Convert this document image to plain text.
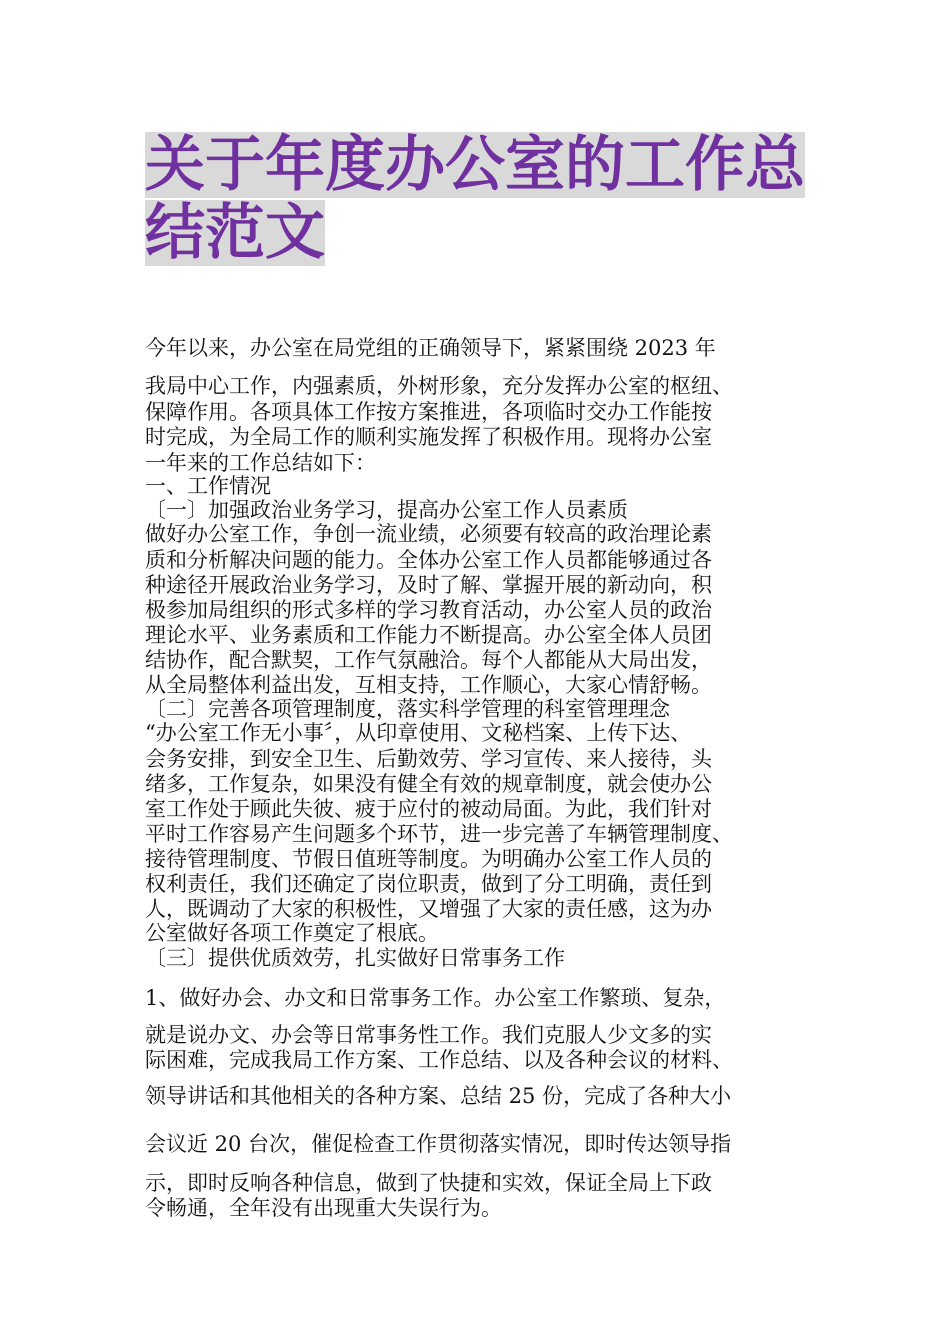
关于年度办公室的工作总
结范文
今年以来，办公室在局党组的正确领导下，紧紧围绕 2023 年
我局中心工作，内强素质，外树形象，充分发挥办公室的枢纽、
保障作用。各项具体工作按方案推进，各项临时交办工作能按
时完成，为全局工作的顺利实施发挥了积极作用。现将办公室
一年来的工作总结如下：
一、工作情况
〔一〕加强政治业务学习，提高办公室工作人员素质
做好办公室工作，争创一流业绩，必须要有较高的政治理论素
质和分析解决问题的能力。全体办公室工作人员都能够通过各
种途径开展政治业务学习，及时了解、掌握开展的新动向，积
极参加局组织的形式多样的学习教育活动，办公室人员的政治
理论水平、业务素质和工作能力不断提高。办公室全体人员团
结协作，配合默契，工作气氛融洽。每个人都能从大局出发，
从全局整体利益出发，互相支持，工作顺心，大家心情舒畅。
〔二〕完善各项管理制度，落实科学管理的科室管理理念
“办公室工作无小事〞，从印章使用、文秘档案、上传下达、
会务安排，到安全卫生、后勤效劳、学习宣传、来人接待，头
绪多，工作复杂，如果没有健全有效的规章制度，就会使办公
室工作处于顾此失彼、疲于应付的被动局面。为此，我们针对
平时工作容易产生问题多个环节，进一步完善了车辆管理制度、
接待管理制度、节假日值班等制度。为明确办公室工作人员的
权利责任，我们还确定了岗位职责，做到了分工明确，责任到
人，既调动了大家的积极性，又增强了大家的责任感，这为办
公室做好各项工作奠定了根底。
〔三〕提供优质效劳，扎实做好日常事务工作
1、做好办会、办文和日常事务工作。办公室工作繁琐、复杂，
就是说办文、办会等日常事务性工作。我们克服人少文多的实
际困难，完成我局工作方案、工作总结、以及各种会议的材料、
领导讲话和其他相关的各种方案、总结 25 份，完成了各种大小
会议近 20 台次，催促检查工作贯彻落实情况，即时传达领导指
示，即时反响各种信息，做到了快捷和实效，保证全局上下政
令畅通，全年没有出现重大失误行为。
